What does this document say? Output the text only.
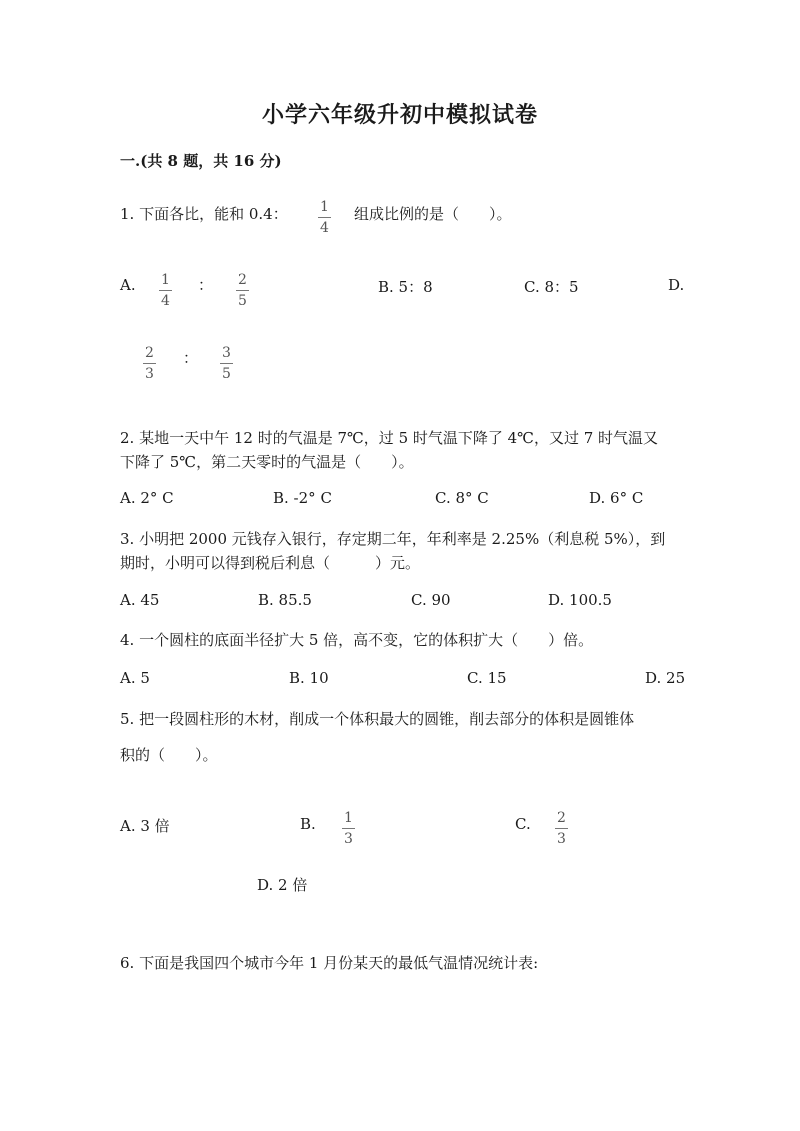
小学六年级升初中模拟试卷
一.(共 8 题，共 16 分)
1. 下面各比，能和 0.4： $\frac{1}{4}$ 组成比例的是（　　）。
A. $\frac{1}{4}$ ： $\frac{2}{5}$	B. 5：8	C. 8：5	D.
$\frac{2}{3}$ ： $\frac{3}{5}$
2. 某地一天中午 12 时的气温是 7℃，过 5 时气温下降了 4℃，又过 7 时气温又
下降了 5℃，第二天零时的气温是（　　）。
A. 2° C	B. -2° C	C. 8° C	D. 6° C
3. 小明把 2000 元钱存入银行，存定期二年，年利率是 2.25%（利息税 5%），到
期时，小明可以得到税后利息（　　　）元。
A. 45	B. 85.5	C. 90	D. 100.5
4. 一个圆柱的底面半径扩大 5 倍，高不变，它的体积扩大（　　）倍。
A. 5	B. 10	C. 15	D. 25
5. 把一段圆柱形的木材，削成一个体积最大的圆锥，削去部分的体积是圆锥体
积的（　　）。
A. 3 倍	B. $\frac{1}{3}$	C. $\frac{2}{3}$
D. 2 倍
6. 下面是我国四个城市今年 1 月份某天的最低气温情况统计表:
